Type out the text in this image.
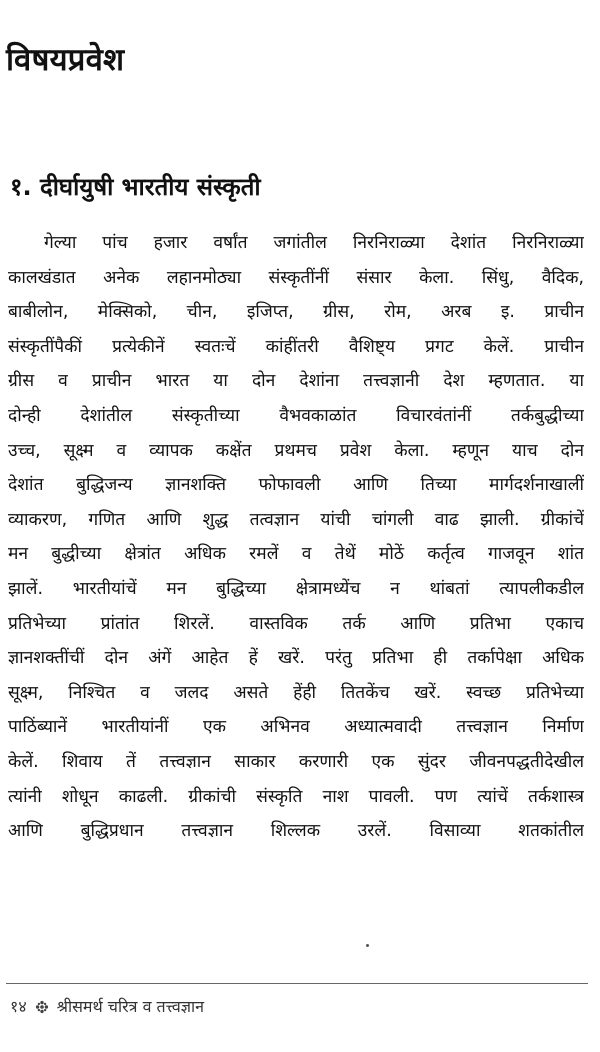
विषयप्रवेश
१. दीर्घायुषी भारतीय संस्कृती
गेल्या पांच हजार वर्षांत जगांतील निरनिराळ्या देशांत निरनिराळ्या
कालखंडात अनेक लहानमोठ्या संस्कृतींनीं संसार केला. सिंधु, वैदिक,
बाबीलोन, मेक्सिको, चीन, इजिप्त, ग्रीस, रोम, अरब इ. प्राचीन
संस्कृतींपैकीं प्रत्येकीनें स्वतःचें कांहींतरी वैशिष्ट्य प्रगट केलें. प्राचीन
ग्रीस व प्राचीन भारत या दोन देशांना तत्त्वज्ञानी देश म्हणतात. या
दोन्ही देशांतील संस्कृतीच्या वैभवकाळांत विचारवंतांनीं तर्कबुद्धीच्या
उच्च, सूक्ष्म व व्यापक कक्षेंत प्रथमच प्रवेश केला. म्हणून याच दोन
देशांत बुद्धिजन्य ज्ञानशक्ति फोफावली आणि तिच्या मार्गदर्शनाखालीं
व्याकरण, गणित आणि शुद्ध तत्वज्ञान यांची चांगली वाढ झाली. ग्रीकांचें
मन बुद्धीच्या क्षेत्रांत अधिक रमलें व तेथें मोठें कर्तृत्व गाजवून शांत
झालें. भारतीयांचें मन बुद्धिच्या क्षेत्रामध्येंच न थांबतां त्यापलीकडील
प्रतिभेच्या प्रांतांत शिरलें. वास्तविक तर्क आणि प्रतिभा एकाच
ज्ञानशक्तींचीं दोन अंगें आहेत हें खरें. परंतु प्रतिभा ही तर्कापेक्षा अधिक
सूक्ष्म, निश्चित व जलद असते हेंही तितकेंच खरें. स्वच्छ प्रतिभेच्या
पाठिंब्यानें भारतीयांनीं एक अभिनव अध्यात्मवादी तत्त्वज्ञान निर्माण
केलें. शिवाय तें तत्त्वज्ञान साकार करणारी एक सुंदर जीवनपद्धतीदेखील
त्यांनी शोधून काढली. ग्रीकांची संस्कृति नाश पावली. पण त्यांचें तर्कशास्त्र
आणि बुद्धिप्रधान तत्त्वज्ञान शिल्लक उरलें. विसाव्या शतकांतील
१४ श्रीसमर्थ चरित्र व तत्त्वज्ञान
